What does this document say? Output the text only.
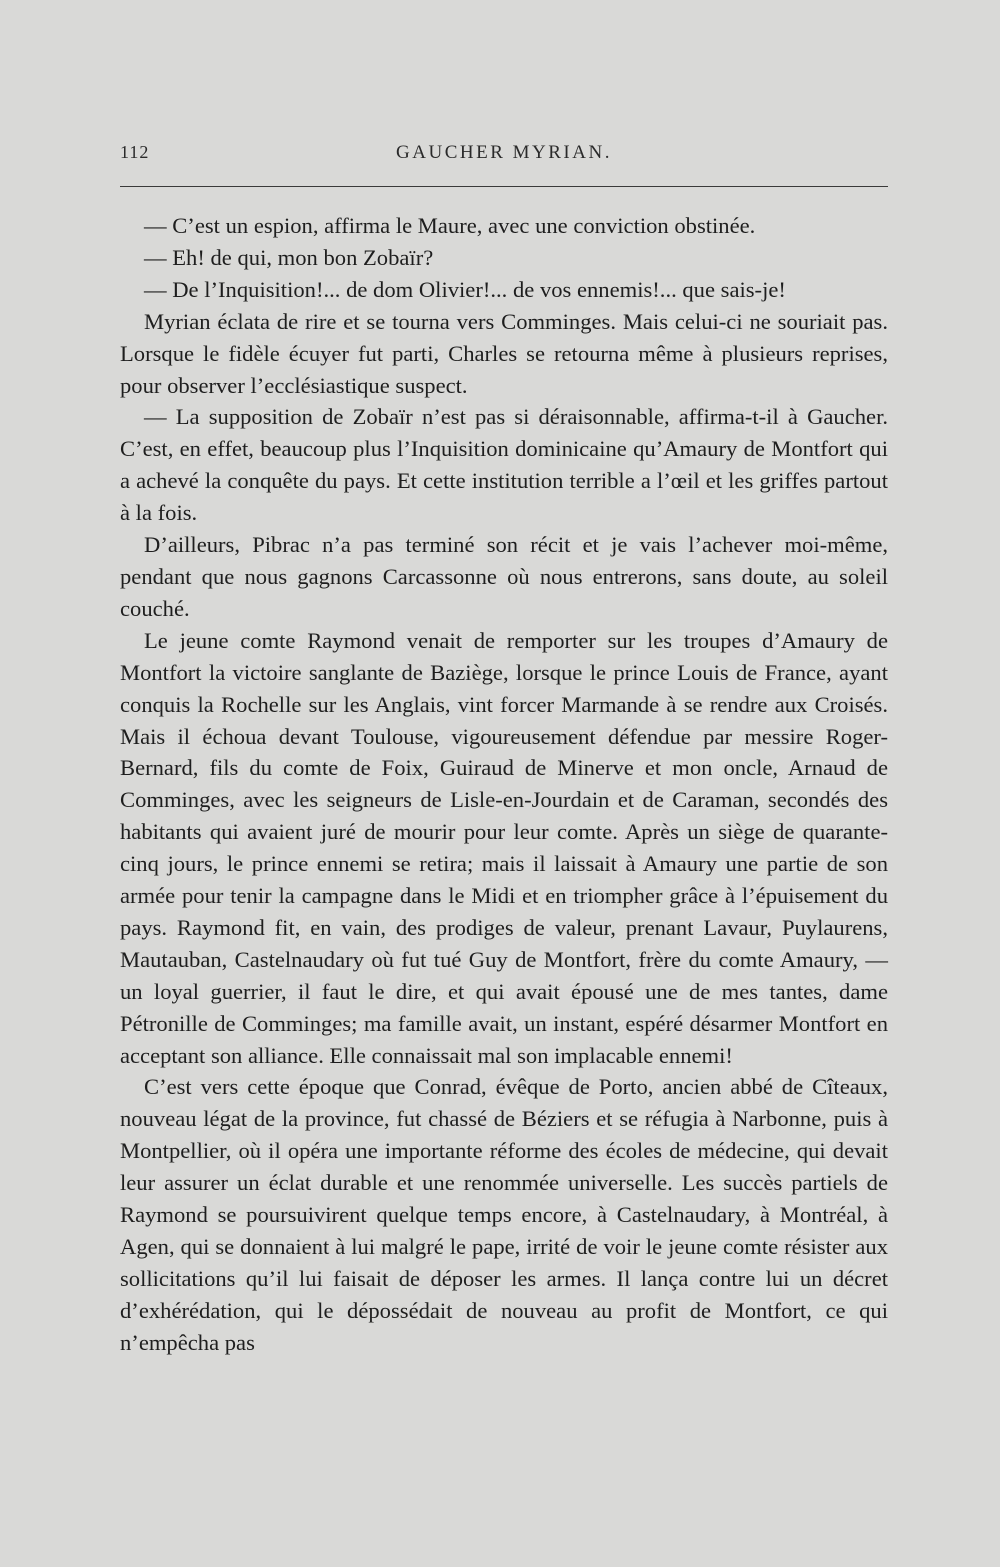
112	GAUCHER MYRIAN.

— C’est un espion, affirma le Maure, avec une conviction obstinée.

— Eh! de qui, mon bon Zobaïr?

— De l’Inquisition!... de dom Olivier!... de vos ennemis!... que sais-je!

Myrian éclata de rire et se tourna vers Comminges. Mais celui-ci ne souriait pas. Lorsque le fidèle écuyer fut parti, Charles se retourna même à plusieurs reprises, pour observer l’ecclésiastique suspect.

— La supposition de Zobaïr n’est pas si déraisonnable, affirma-t-il à Gaucher. C’est, en effet, beaucoup plus l’Inquisition dominicaine qu’Amaury de Montfort qui a achevé la conquête du pays. Et cette institution terrible a l’œil et les griffes partout à la fois.

D’ailleurs, Pibrac n’a pas terminé son récit et je vais l’achever moi-même, pendant que nous gagnons Carcassonne où nous entrerons, sans doute, au soleil couché.

Le jeune comte Raymond venait de remporter sur les troupes d’Amaury de Montfort la victoire sanglante de Baziège, lorsque le prince Louis de France, ayant conquis la Rochelle sur les Anglais, vint forcer Marmande à se rendre aux Croisés. Mais il échoua devant Toulouse, vigoureusement défendue par messire Roger-Bernard, fils du comte de Foix, Guiraud de Minerve et mon oncle, Arnaud de Comminges, avec les seigneurs de Lisle-en-Jourdain et de Caraman, secondés des habitants qui avaient juré de mourir pour leur comte. Après un siège de quarante-cinq jours, le prince ennemi se retira; mais il laissait à Amaury une partie de son armée pour tenir la campagne dans le Midi et en triompher grâce à l’épuisement du pays. Raymond fit, en vain, des prodiges de valeur, prenant Lavaur, Puylaurens, Mautauban, Castelnaudary où fut tué Guy de Montfort, frère du comte Amaury, — un loyal guerrier, il faut le dire, et qui avait épousé une de mes tantes, dame Pétronille de Comminges; ma famille avait, un instant, espéré désarmer Montfort en acceptant son alliance. Elle connaissait mal son implacable ennemi!

C’est vers cette époque que Conrad, évêque de Porto, ancien abbé de Cîteaux, nouveau légat de la province, fut chassé de Béziers et se réfugia à Narbonne, puis à Montpellier, où il opéra une importante réforme des écoles de médecine, qui devait leur assurer un éclat durable et une renommée universelle. Les succès partiels de Raymond se poursuivirent quelque temps encore, à Castelnaudary, à Montréal, à Agen, qui se donnaient à lui malgré le pape, irrité de voir le jeune comte résister aux sollicitations qu’il lui faisait de déposer les armes. Il lança contre lui un décret d’exhérédation, qui le dépossédait de nouveau au profit de Montfort, ce qui n’empêcha pas
